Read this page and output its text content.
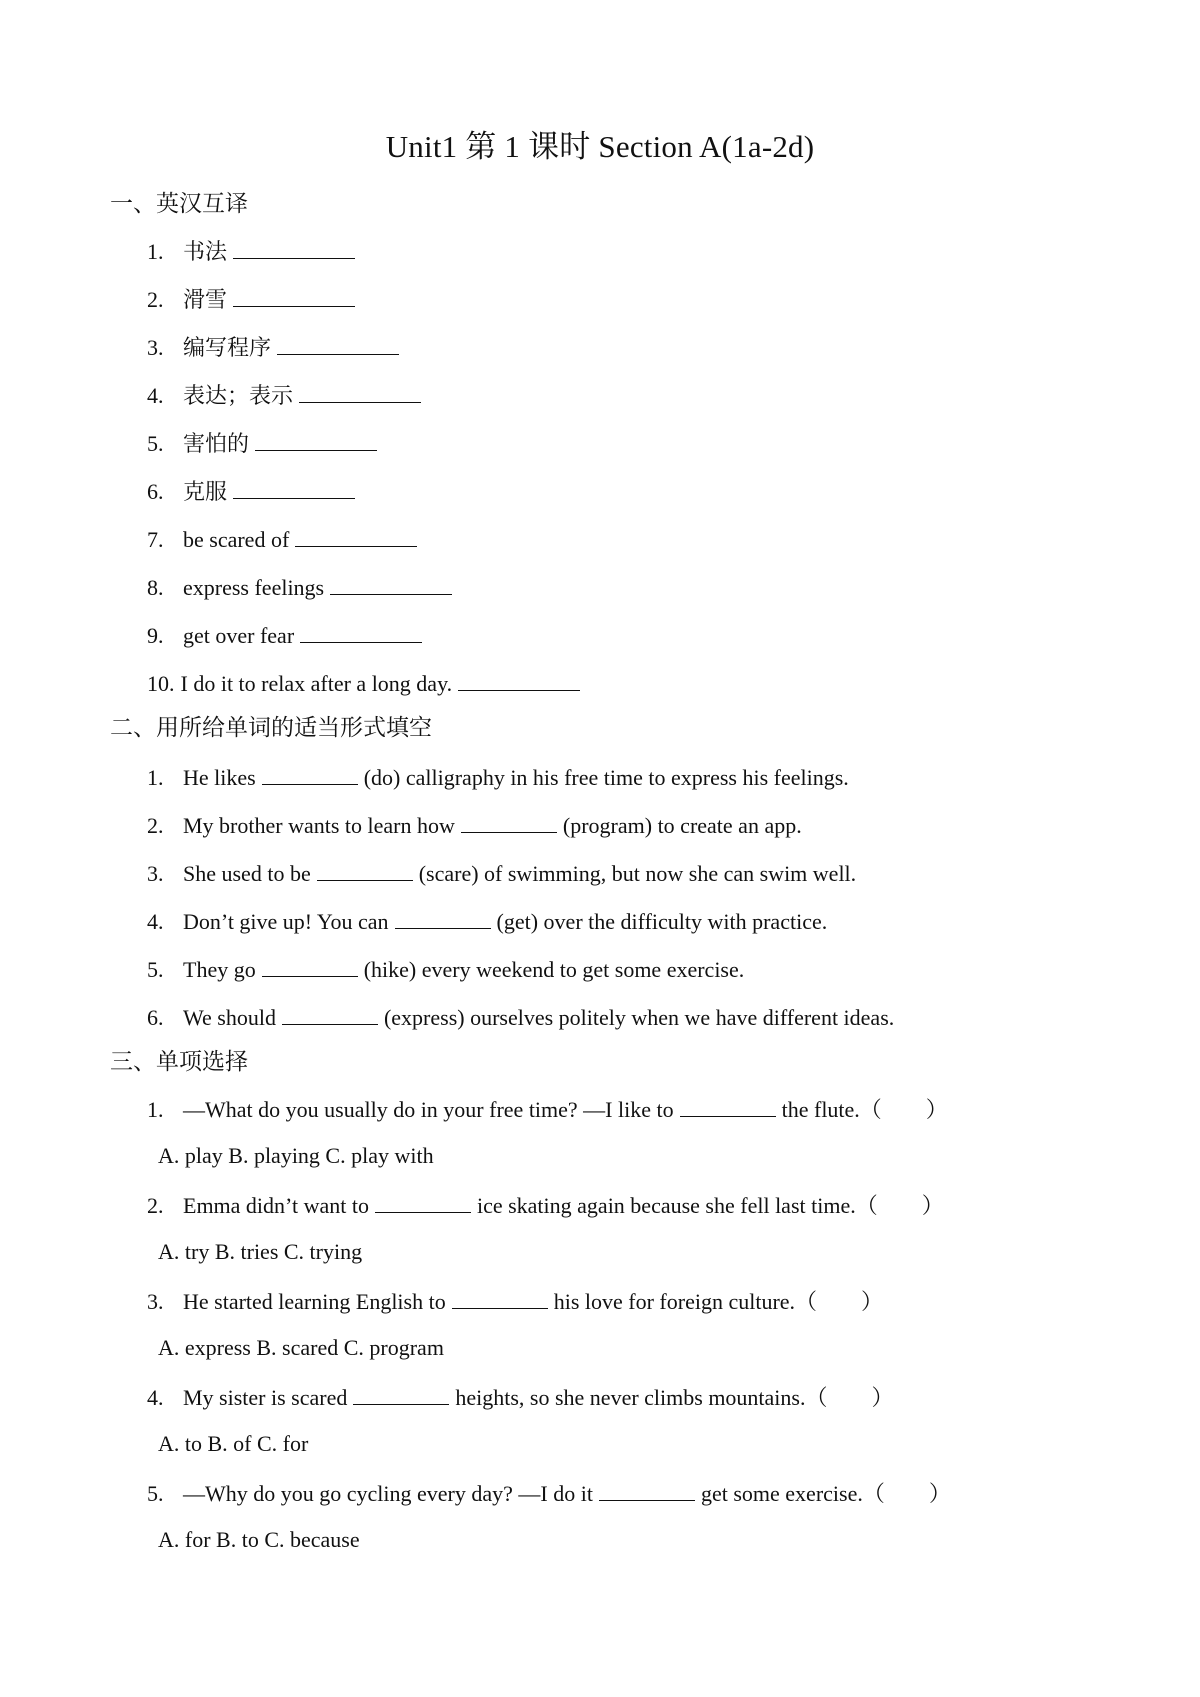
Unit1 第 1 课时 Section A(1a-2d)

一、英汉互译

1. 书法

2. 滑雪

3. 编写程序

4. 表达；表示

5. 害怕的

6. 克服

7. be scared of

8. express feelings

9. get over fear

10. I do it to relax after a long day.

二、用所给单词的适当形式填空

1. He likes	(do) calligraphy in his free time to express his feelings.

2. My brother wants to learn how	(program) to create an app.

3. She used to be	(scare) of swimming, but now she can swim well.

4. Don’t give up! You can	(get) over the difficulty with practice.

5. They go	(hike) every weekend to get some exercise.

6. We should	(express) ourselves politely when we have different ideas.

三、单项选择

1. —What do you usually do in your free time? —I like to	the flute.（　　）

A. play B. playing C. play with

2. Emma didn’t want to	ice skating again because she fell last time.（　　）

A. try B. tries C. trying

3. He started learning English to	his love for foreign culture.（　　）

A. express B. scared C. program

4. My sister is scared	heights, so she never climbs mountains.（　　）

A. to B. of C. for

5. —Why do you go cycling every day? —I do it	get some exercise.（　　）

A. for B. to C. because
